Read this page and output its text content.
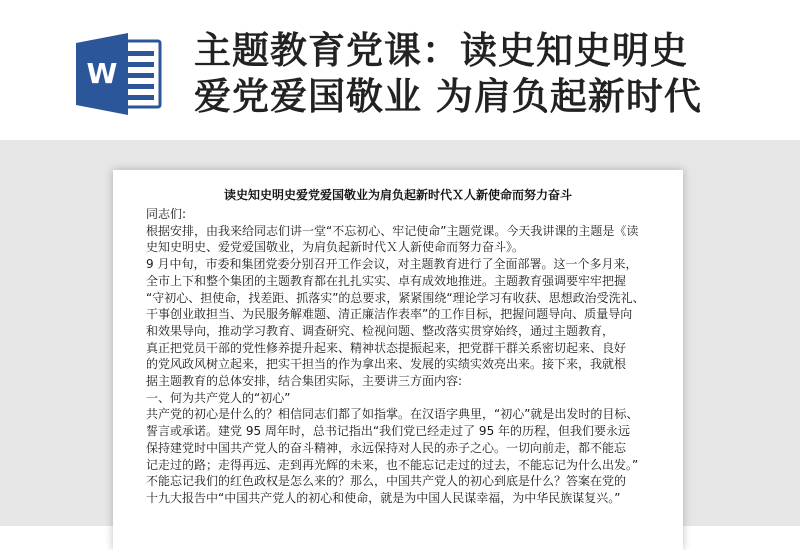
W
主题教育党课：读史知史明史
爱党爱国敬业 为肩负起新时代
读史知史明史爱党爱国敬业为肩负起新时代Ｘ人新使命而努力奋斗
同志们:
根据安排，由我来给同志们讲一堂“不忘初心、牢记使命”主题党课。今天我讲课的主题是《读
史知史明史、爱党爱国敬业，为肩负起新时代Ｘ人新使命而努力奋斗》。
9 月中旬，市委和集团党委分别召开工作会议，对主题教育进行了全面部署。这一个多月来，
全市上下和整个集团的主题教育都在扎扎实实、卓有成效地推进。主题教育强调要牢牢把握
“守初心、担使命，找差距、抓落实”的总要求，紧紧围绕“理论学习有收获、思想政治受洗礼、
干事创业敢担当、为民服务解难题、清正廉洁作表率”的工作目标，把握问题导向、质量导向
和效果导向，推动学习教育、调查研究、检视问题、整改落实贯穿始终，通过主题教育，
真正把党员干部的党性修养提升起来、精神状态提振起来，把党群干群关系密切起来、良好
的党风政风树立起来，把实干担当的作为拿出来、发展的实绩实效亮出来。接下来，我就根
据主题教育的总体安排，结合集团实际，主要讲三方面内容:
一、何为共产党人的“初心”
共产党的初心是什么的？相信同志们都了如指掌。在汉语字典里，“初心”就是出发时的目标、
誓言或承诺。建党 95 周年时，总书记指出“我们党已经走过了 95 年的历程，但我们要永远
保持建党时中国共产党人的奋斗精神，永远保持对人民的赤子之心。一切向前走，都不能忘
记走过的路；走得再远、走到再光辉的未来，也不能忘记走过的过去，不能忘记为什么出发。”
不能忘记我们的红色政权是怎么来的？那么，中国共产党人的初心到底是什么？答案在党的
十九大报告中“中国共产党人的初心和使命，就是为中国人民谋幸福，为中华民族谋复兴。”
